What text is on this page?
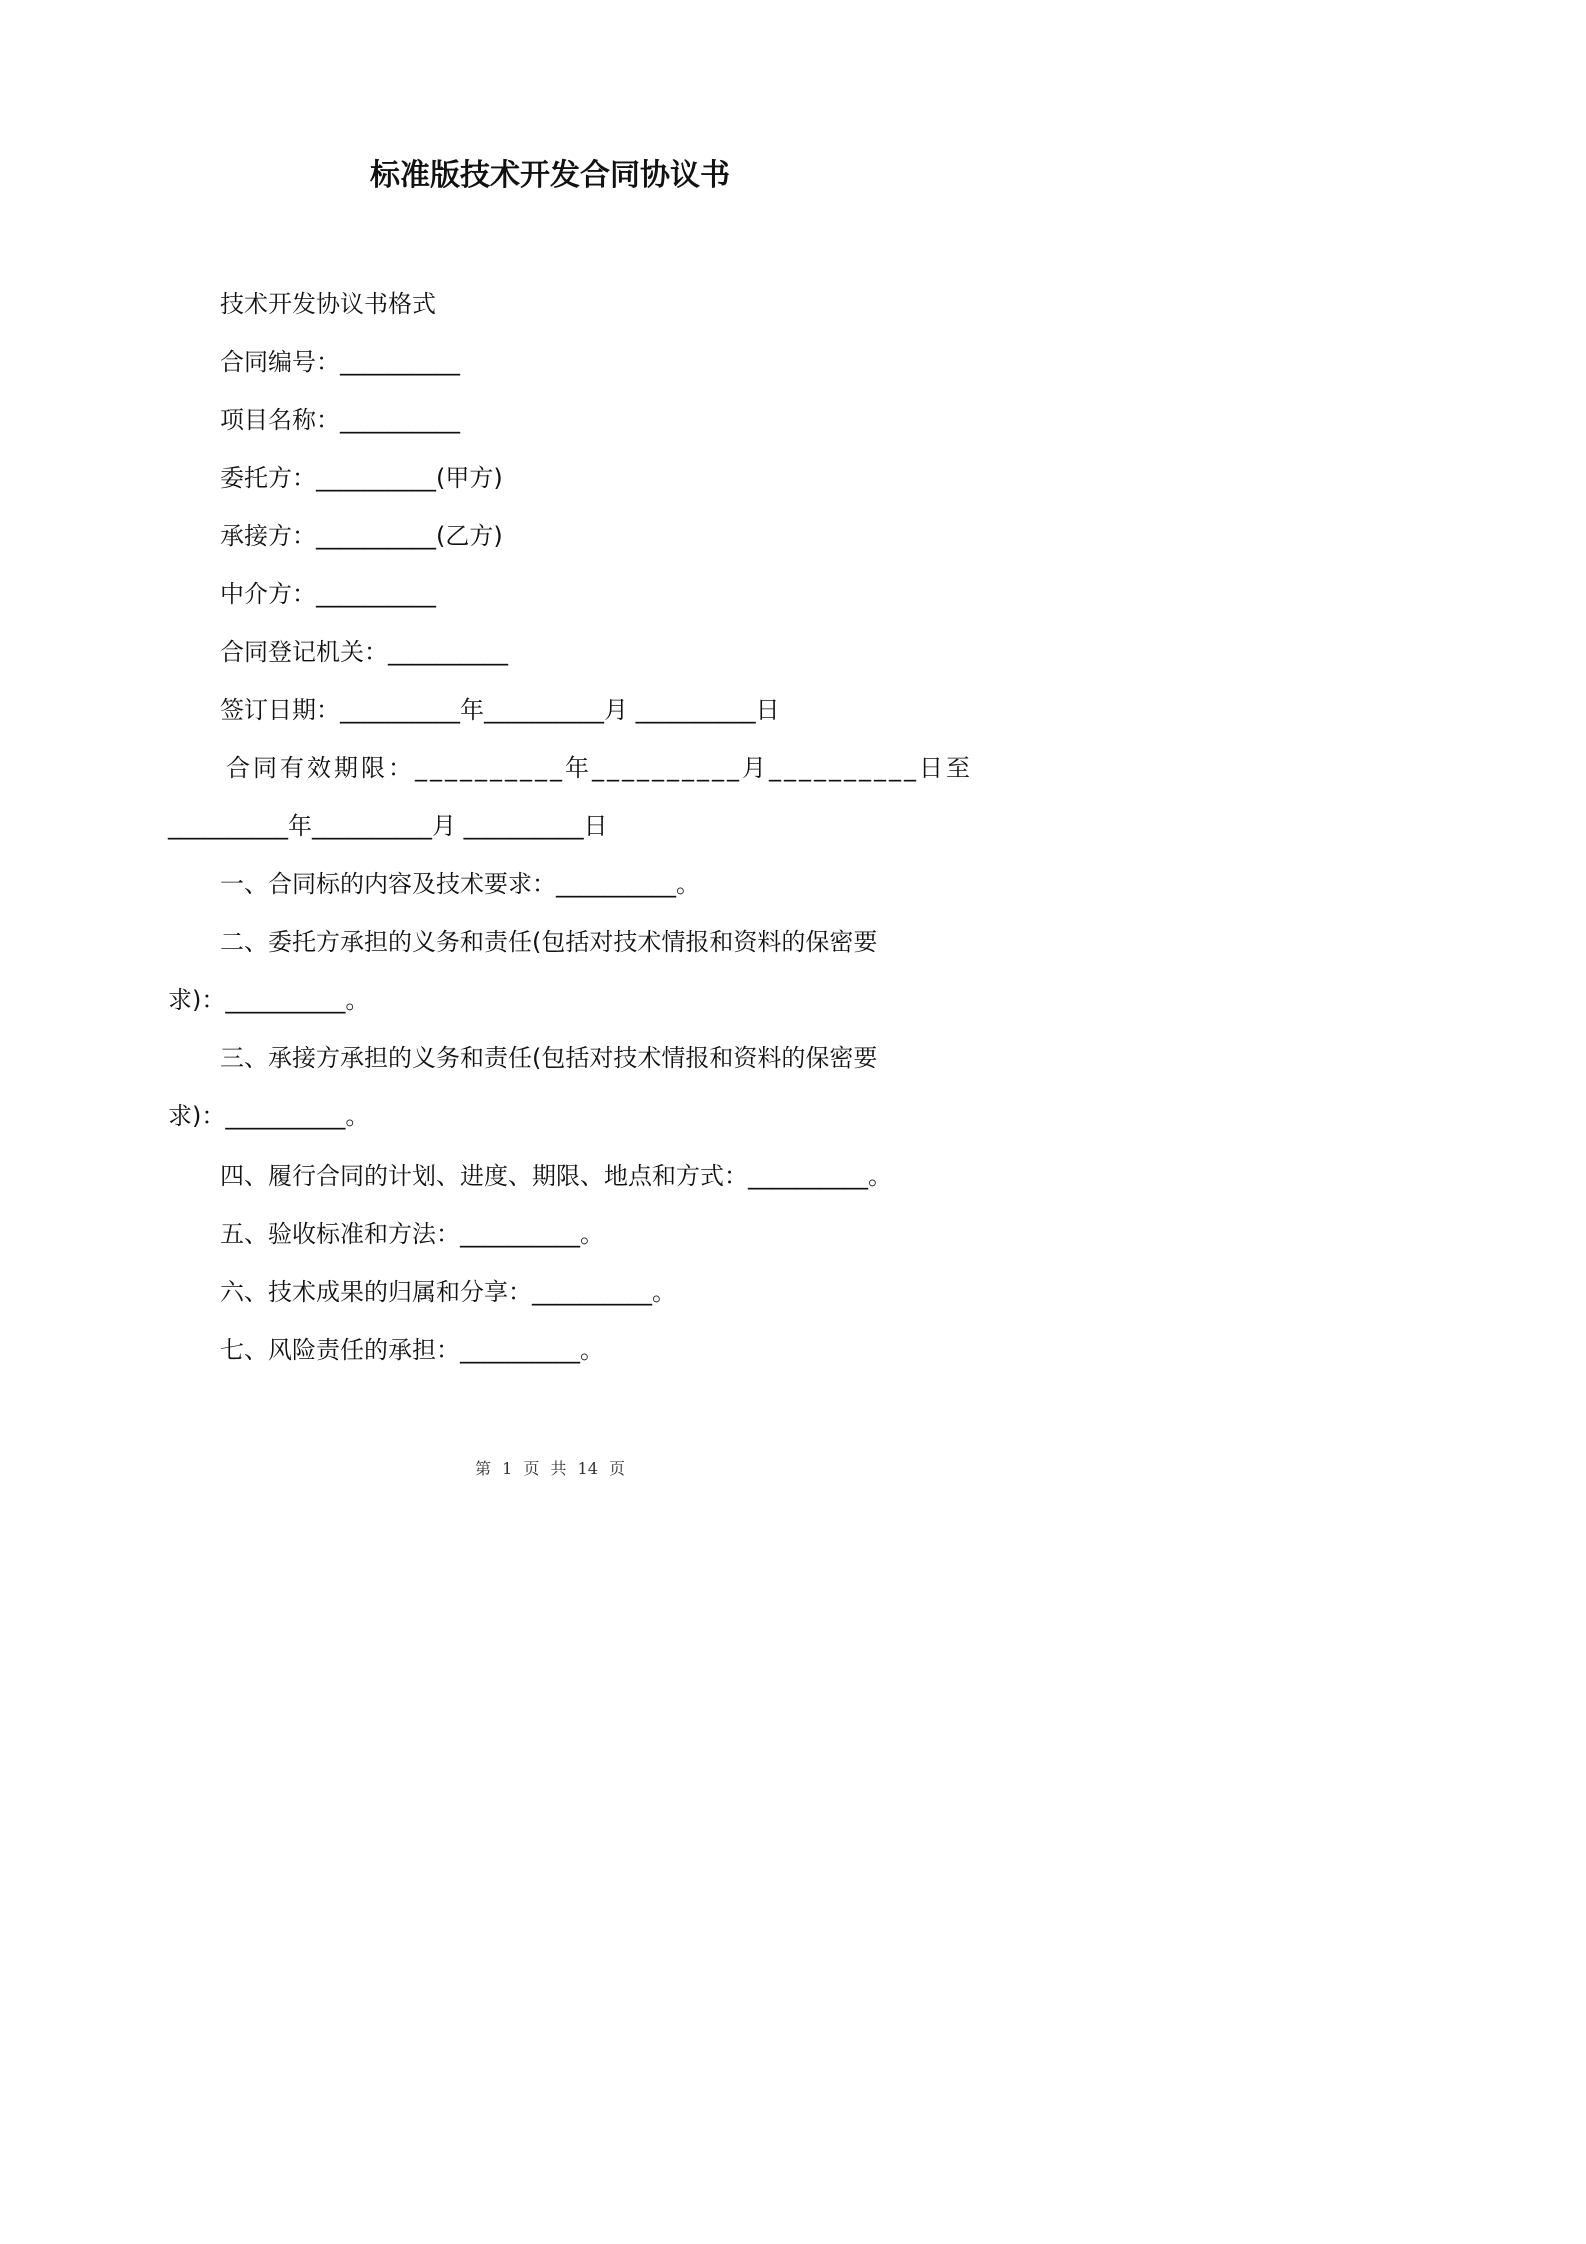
标准版技术开发合同协议书
技术开发协议书格式
合同编号：__________
项目名称：__________
委托方：__________(甲方)
承接方：__________(乙方)
中介方：__________
合同登记机关：__________
签订日期：__________年__________月 __________日
合同有效期限：__________年__________月__________日至
__________年__________月 __________日
一、合同标的内容及技术要求：__________。
二、委托方承担的义务和责任(包括对技术情报和资料的保密要
求)：__________。
三、承接方承担的义务和责任(包括对技术情报和资料的保密要
求)：__________。
四、履行合同的计划、进度、期限、地点和方式：__________。
五、验收标准和方法：__________。
六、技术成果的归属和分享：__________。
七、风险责任的承担：__________。
第 1 页 共 14 页
